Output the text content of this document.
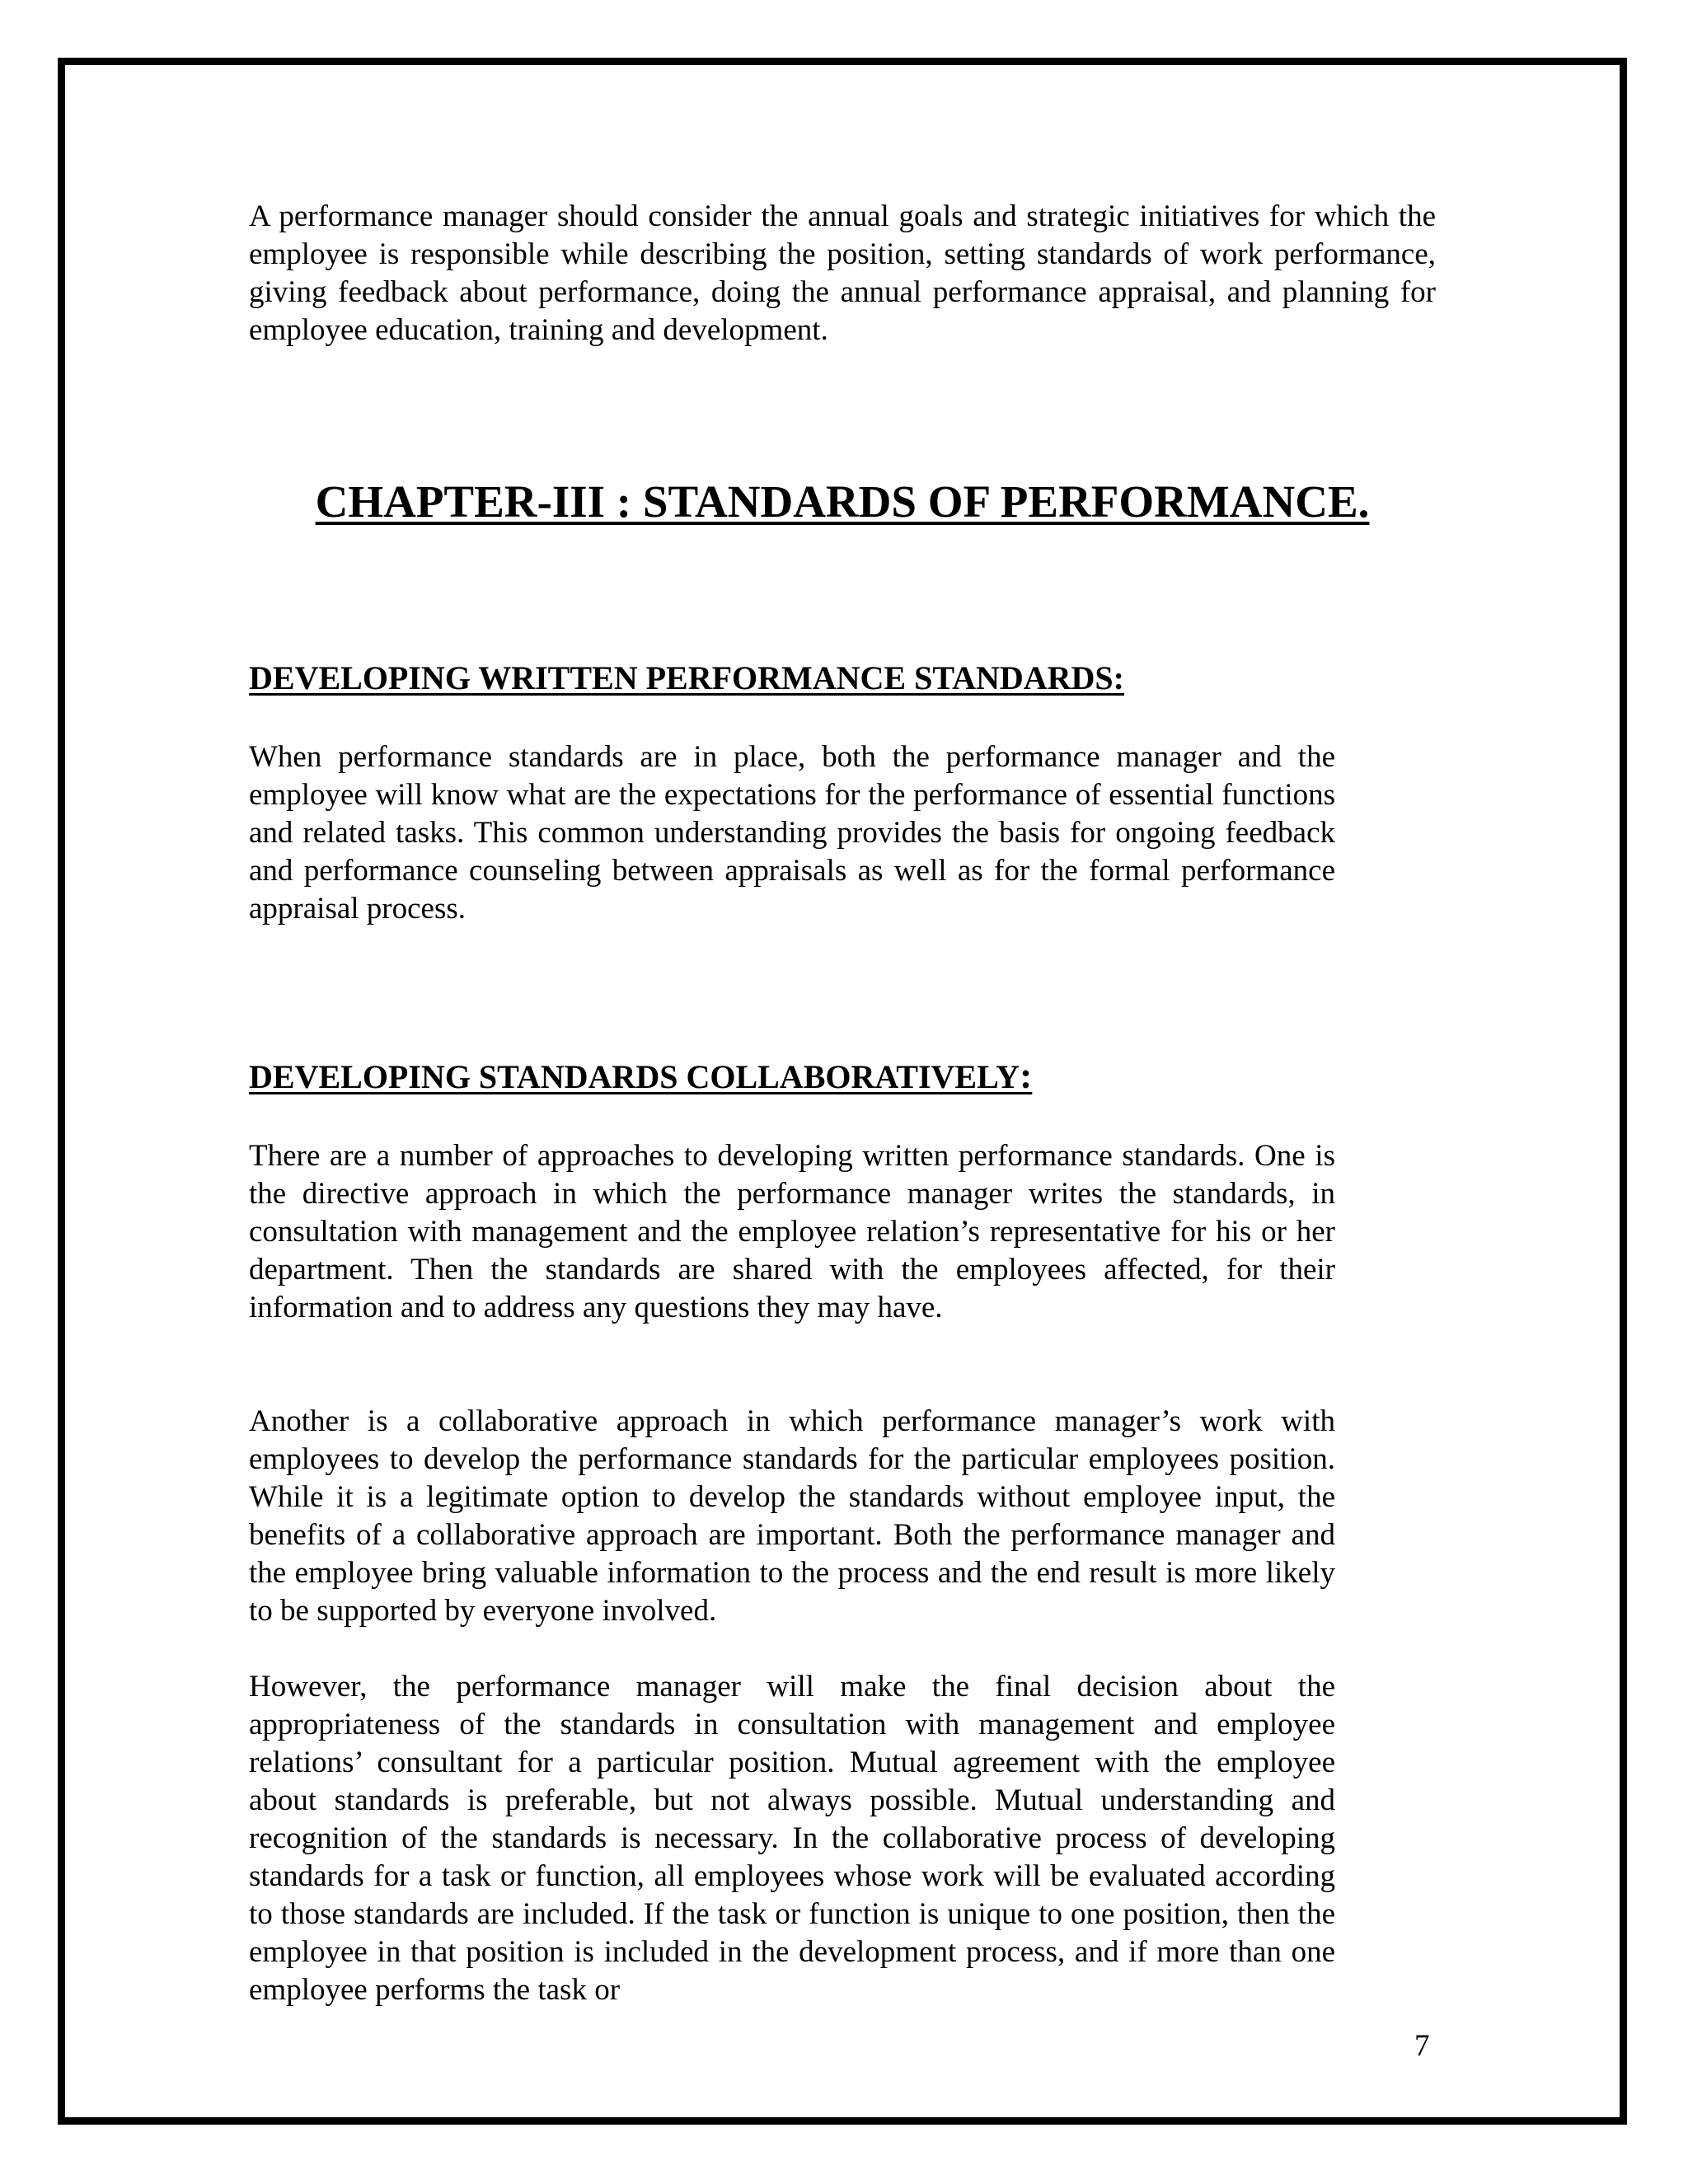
A performance manager should consider the annual goals and strategic initiatives for which the employee is responsible while describing the position, setting standards of work performance, giving feedback about performance, doing the annual performance appraisal, and planning for employee education, training and development.

CHAPTER-III : STANDARDS OF PERFORMANCE.
DEVELOPING WRITTEN PERFORMANCE STANDARDS:

When performance standards are in place, both the performance manager and the employee will know what are the expectations for the performance of essential functions and related tasks. This common understanding provides the basis for ongoing feedback and performance counseling between appraisals as well as for the formal performance appraisal process.

DEVELOPING STANDARDS COLLABORATIVELY:

There are a number of approaches to developing written performance standards. One is the directive approach in which the performance manager writes the standards, in consultation with management and the employee relation’s representative for his or her department. Then the standards are shared with the employees affected, for their information and to address any questions they may have.

Another is a collaborative approach in which performance manager’s work with employees to develop the performance standards for the particular employees position. While it is a legitimate option to develop the standards without employee input, the benefits of a collaborative approach are important. Both the performance manager and the employee bring valuable information to the process and the end result is more likely to be supported by everyone involved.

However, the performance manager will make the final decision about the appropriateness of the standards in consultation with management and employee relations’ consultant for a particular position. Mutual agreement with the employee about standards is preferable, but not always possible. Mutual understanding and recognition of the standards is necessary. In the collaborative process of developing standards for a task or function, all employees whose work will be evaluated according to those standards are included. If the task or function is unique to one position, then the employee in that position is included in the development process, and if more than one employee performs the task or

7
